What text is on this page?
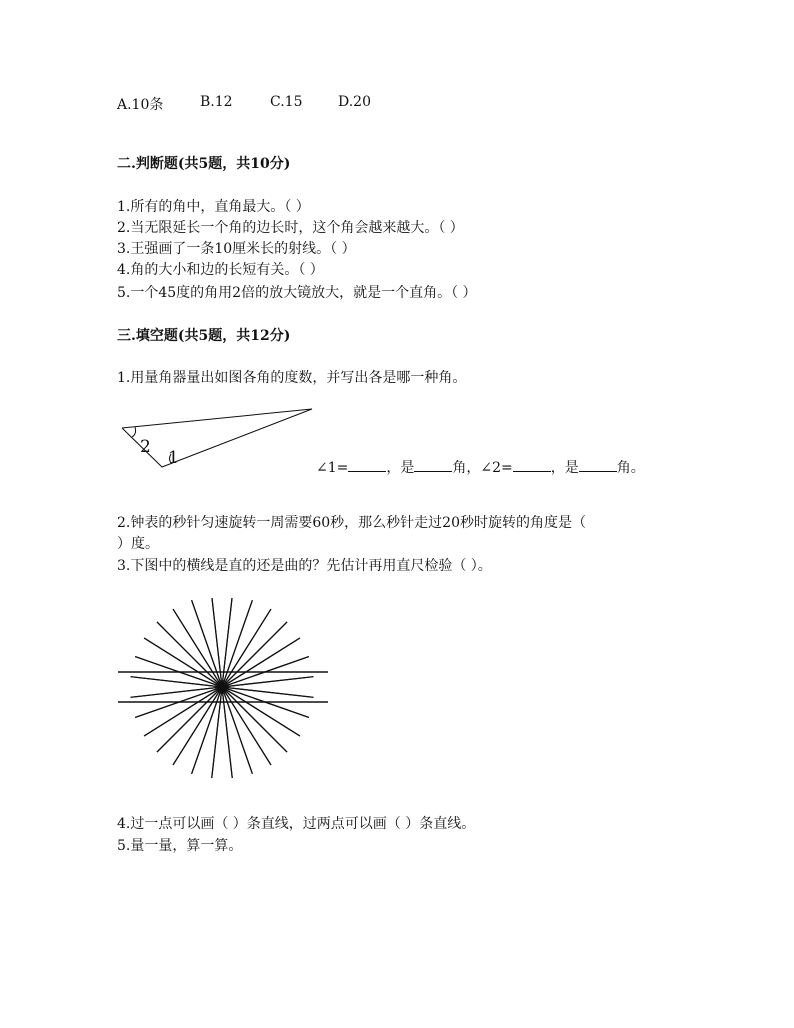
A.10条	B.12	C.15	D.20
二.判断题(共5题，共10分)
1.所有的角中，直角最大。（ ）
2.当无限延长一个角的边长时，这个角会越来越大。（ ）
3.王强画了一条10厘米长的射线。（ ）
4.角的大小和边的长短有关。（ ）
5.一个45度的角用2倍的放大镜放大，就是一个直角。（ ）
三.填空题(共5题，共12分)
1.用量角器量出如图各角的度数，并写出各是哪一种角。
2
1	∠1=	，是	角，∠2=	，是	角。
2.钟表的秒针匀速旋转一周需要60秒，那么秒针走过20秒时旋转的角度是（
）度。
3.下图中的横线是直的还是曲的？先估计再用直尺检验（ ）。
4.过一点可以画（ ）条直线，过两点可以画（ ）条直线。
5.量一量，算一算。
